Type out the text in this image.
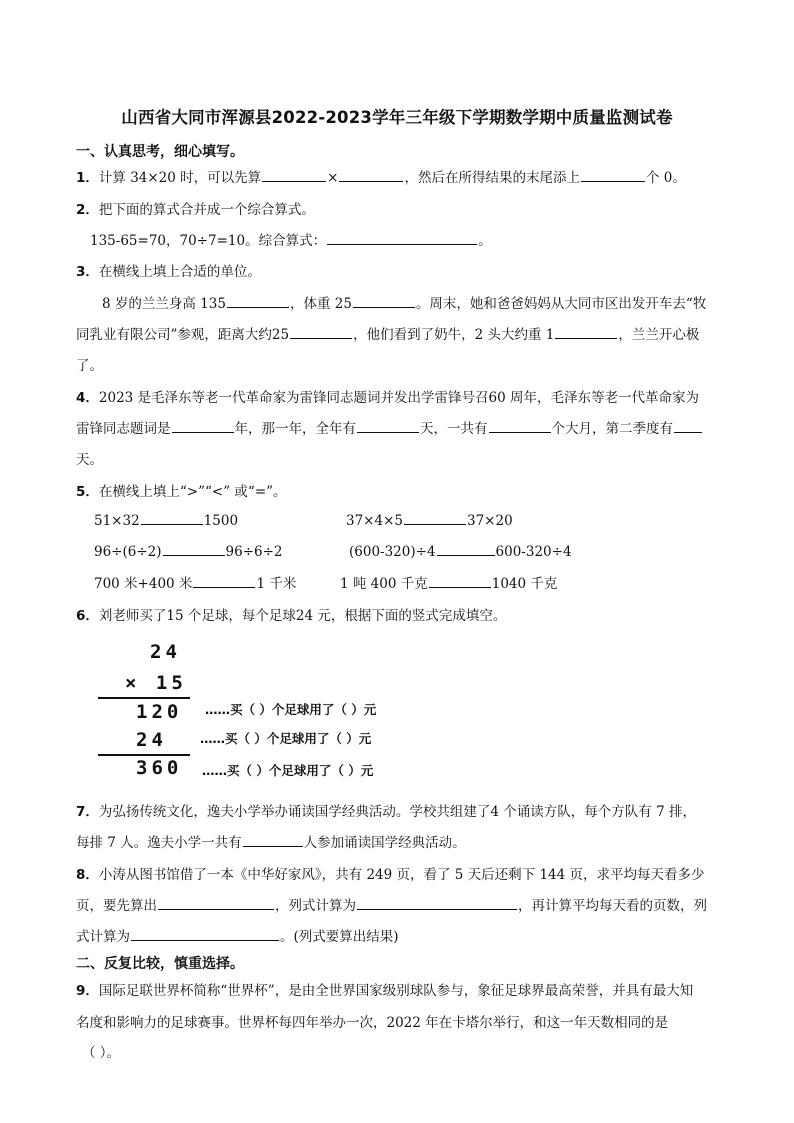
山西省大同市浑源县2022-2023学年三年级下学期数学期中质量监测试卷
一、认真思考，细心填写。
1．计算 34×20 时，可以先算	×	，然后在所得结果的末尾添上	个 0。
2．把下面的算式合并成一个综合算式。
135-65=70，70÷7=10。综合算式：	。
3．在横线上填上合适的单位。
8 岁的兰兰身高 135	，体重 25	。周末，她和爸爸妈妈从大同市区出发开车去“牧
同乳业有限公司”参观，距离大约25	，他们看到了奶牛，2 头大约重 1	，兰兰开心极
了。
4．2023 是毛泽东等老一代革命家为雷锋同志题词并发出学雷锋号召60 周年，毛泽东等老一代革命家为
雷锋同志题词是	年，那一年，全年有	天，一共有	个大月，第二季度有
天。
5．在横线上填上“>”“<” 或“=”。
51×32	1500	37×4×5	37×20
96÷(6÷2)	96÷6÷2	(600-320)÷4	600-320÷4
700 米+400 米	1 千米	1 吨 400 千克	1040 千克
6．刘老师买了15 个足球，每个足球24 元，根据下面的竖式完成填空。
24
× 15
120
24
360
……买（ ）个足球用了（ ）元
……买（ ）个足球用了（ ）元
……买（ ）个足球用了（ ）元
7．为弘扬传统文化，逸夫小学举办诵读国学经典活动。学校共组建了4 个诵读方队，每个方队有 7 排，
每排 7 人。逸夫小学一共有	人参加诵读国学经典活动。
8．小涛从图书馆借了一本《中华好家风》，共有 249 页，看了 5 天后还剩下 144 页，求平均每天看多少
页，要先算出	，列式计算为	，再计算平均每天看的页数，列
式计算为	。(列式要算出结果)
二、反复比较，慎重选择。
9．国际足联世界杯简称“世界杯”，是由全世界国家级别球队参与，象征足球界最高荣誉，并具有最大知
名度和影响力的足球赛事。世界杯每四年举办一次，2022 年在卡塔尔举行，和这一年天数相同的是
（ ）。
